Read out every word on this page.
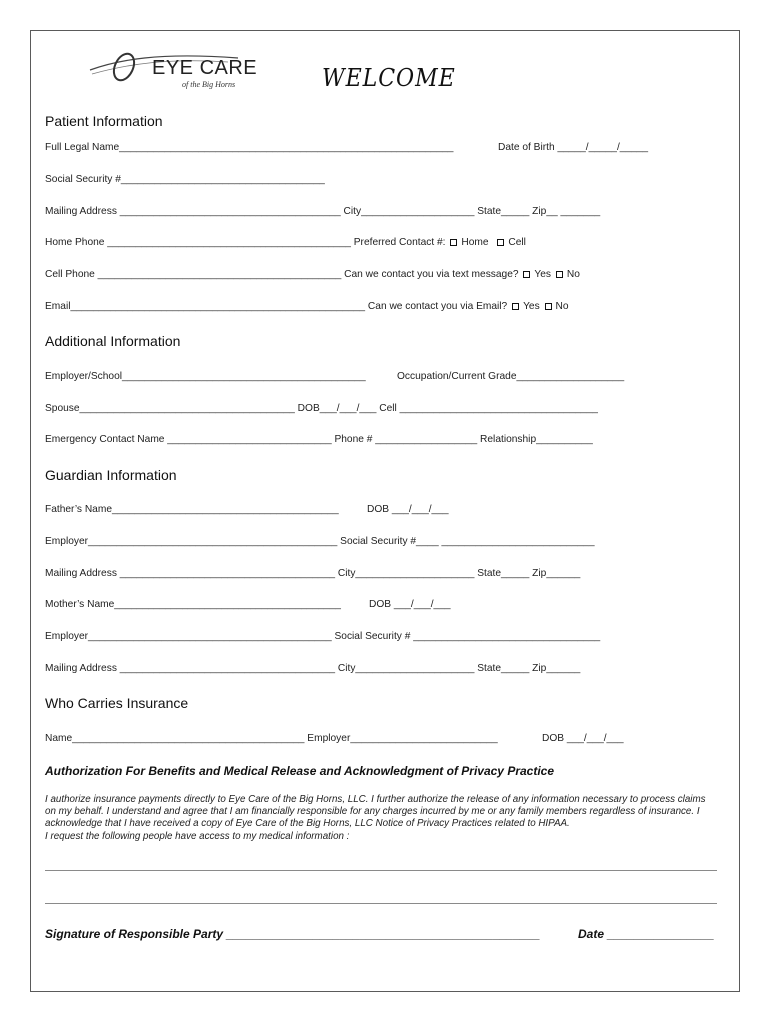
EYE CARE
of the Big Horns	WELCOME
Patient Information
Full Legal Name___________________________________________________________	Date of Birth _____/_____/_____
Social Security #____________________________________
Mailing Address _______________________________________ City____________________ State_____ Zip__ _______
Home Phone ___________________________________________ Preferred Contact #: Home Cell
Cell Phone ___________________________________________ Can we contact you via text message? Yes No
Email____________________________________________________ Can we contact you via Email? Yes No
Additional Information
Employer/School___________________________________________	Occupation/Current Grade___________________
Spouse______________________________________ DOB___/___/___ Cell ___________________________________
Emergency Contact Name _____________________________ Phone # __________________ Relationship__________
Guardian Information
Father’s Name________________________________________	DOB ___/___/___
Employer____________________________________________ Social Security #____ ___________________________
Mailing Address ______________________________________ City_____________________ State_____ Zip______
Mother’s Name________________________________________	DOB ___/___/___
Employer___________________________________________ Social Security # _________________________________
Mailing Address ______________________________________ City_____________________ State_____ Zip______
Who Carries Insurance
Name_________________________________________ Employer__________________________	DOB ___/___/___
Authorization For Benefits and Medical Release and Acknowledgment of Privacy Practice
I authorize insurance payments directly to Eye Care of the Big Horns, LLC. I further authorize the release of any information necessary to process claims on my behalf. I understand and agree that I am financially responsible for any charges incurred by me or any family members regardless of insurance. I acknowledge that I have received a copy of Eye Care of the Big Horns, LLC Notice of Privacy Practices related to HIPAA.
I request the following people have access to my medical information :
Signature of Responsible Party _______________________________________________	Date ________________
